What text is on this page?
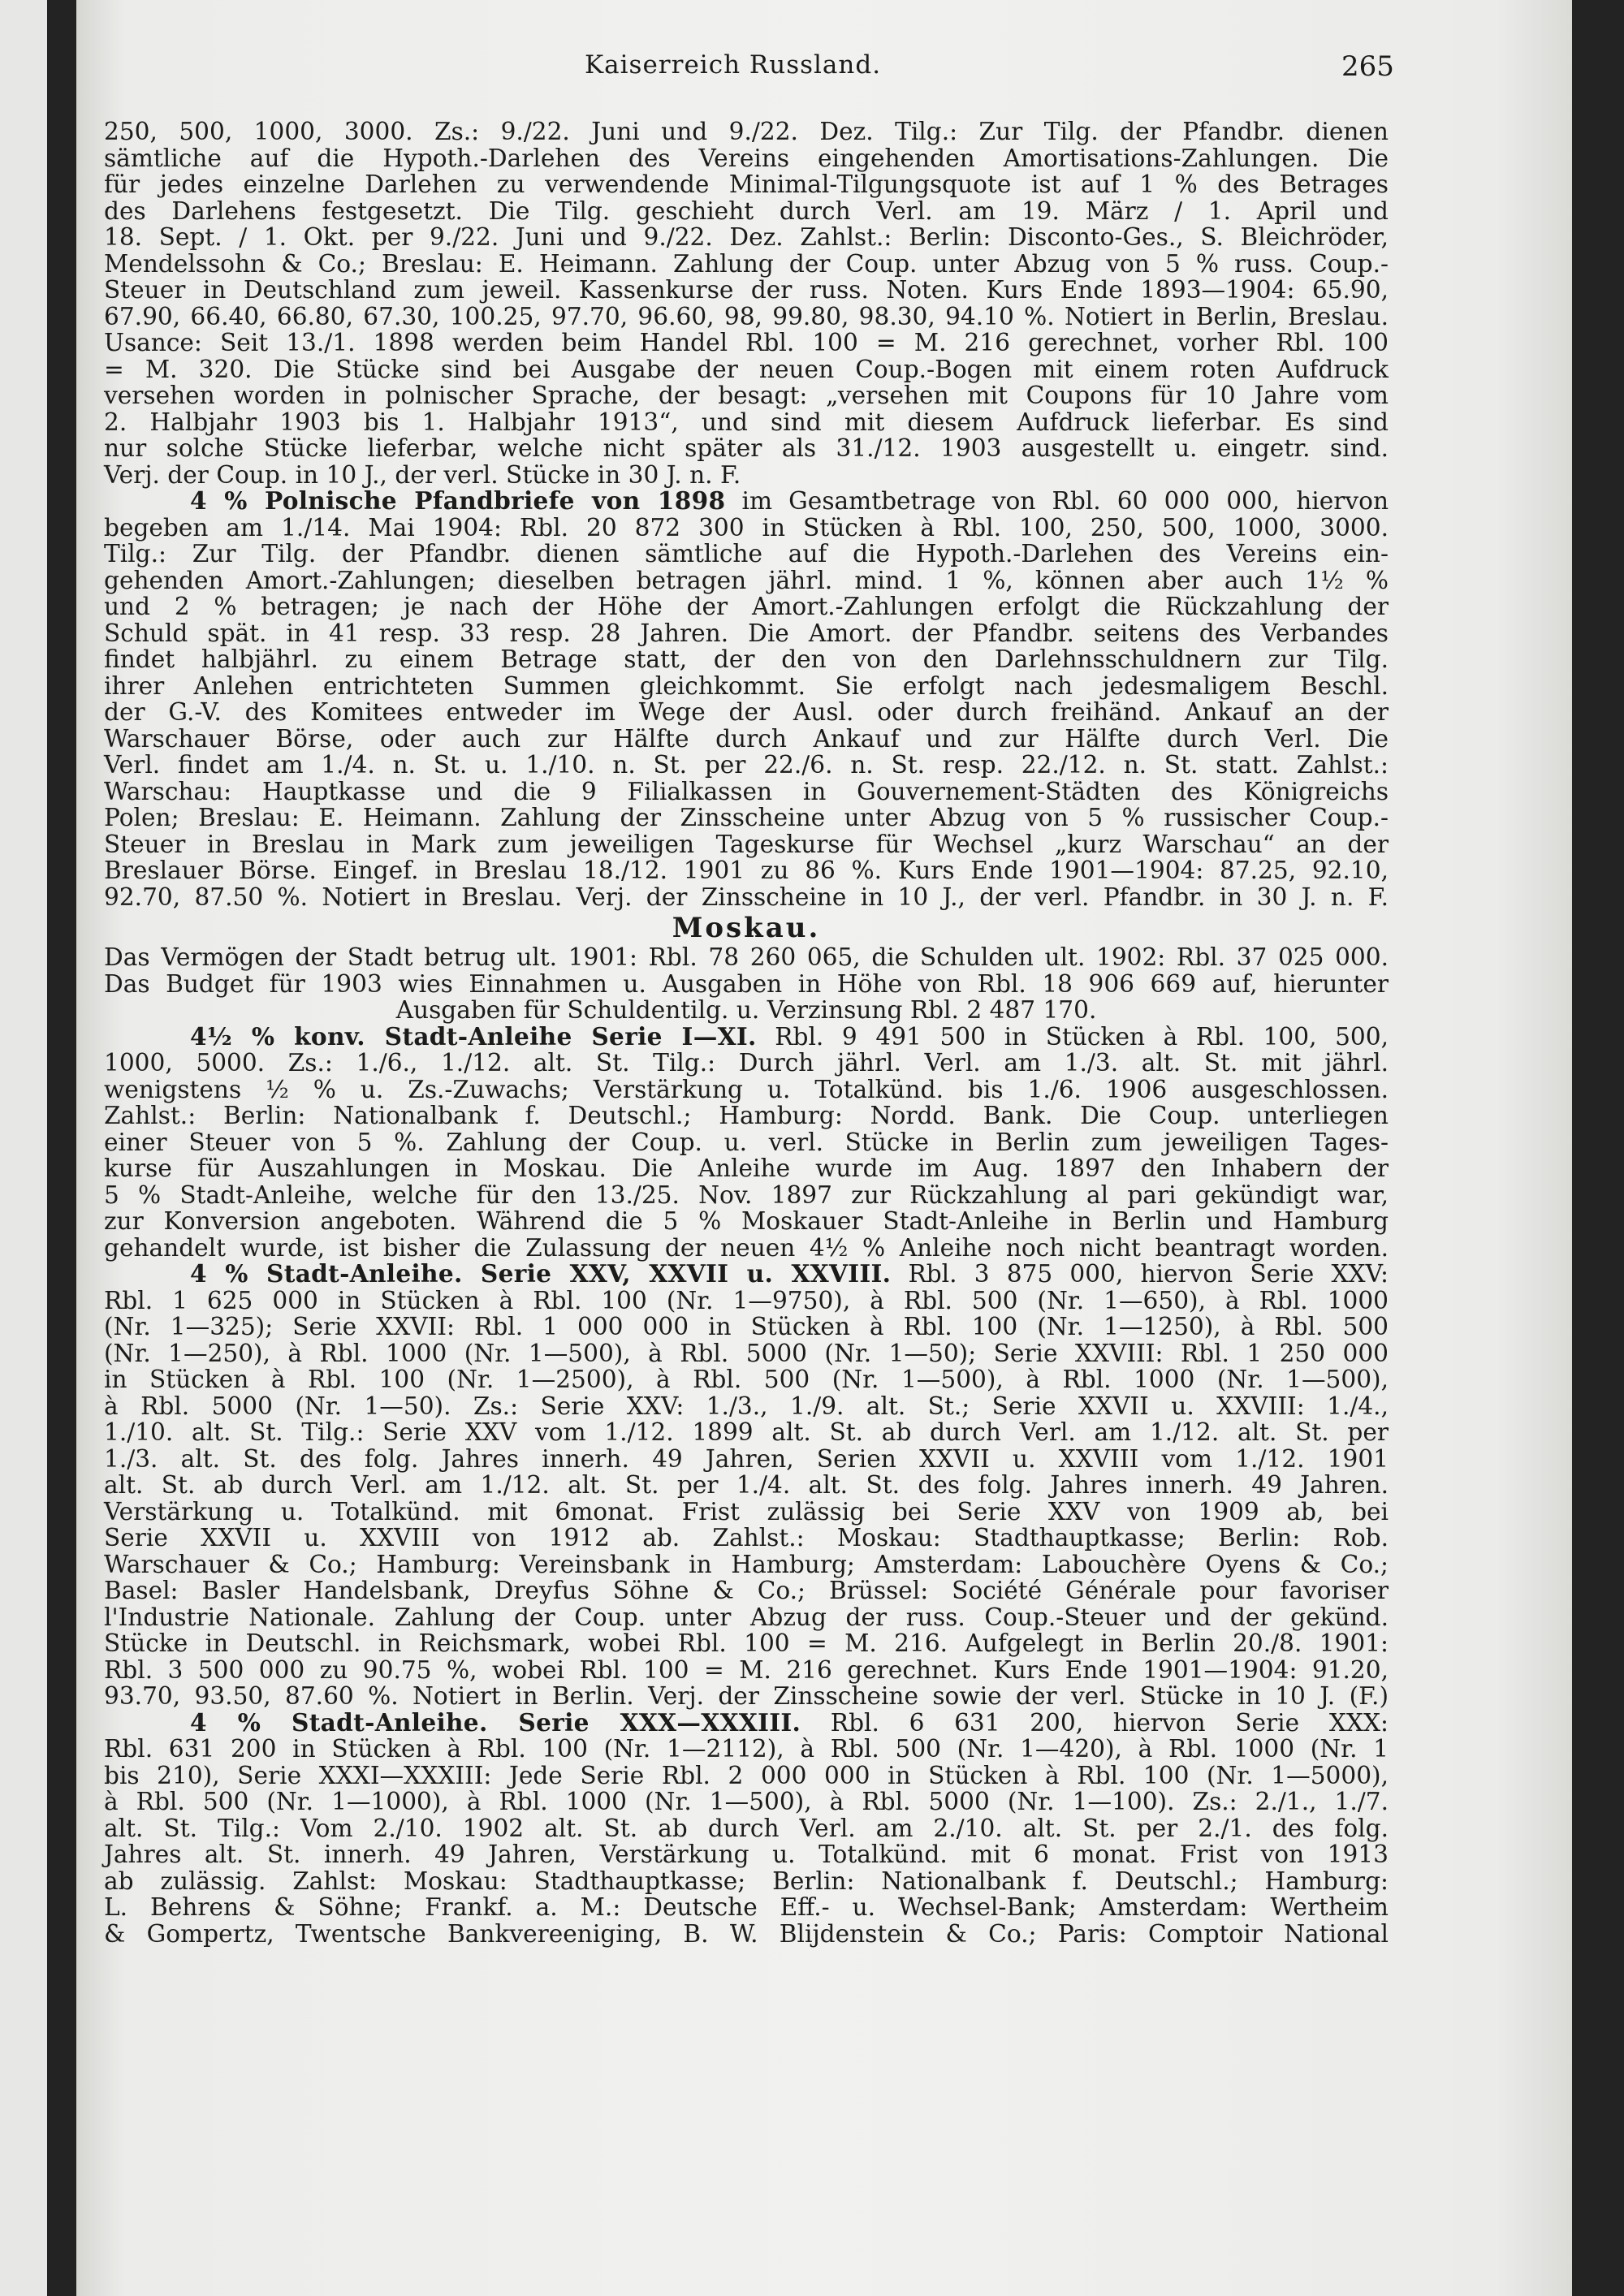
Kaiserreich Russland.	265

250, 500, 1000, 3000. Zs.: 9./22. Juni und 9./22. Dez. Tilg.: Zur Tilg. der Pfandbr. dienen

sämtliche auf die Hypoth.-Darlehen des Vereins eingehenden Amortisations-Zahlungen. Die

für jedes einzelne Darlehen zu verwendende Minimal-Tilgungsquote ist auf 1 % des Betrages

des Darlehens festgesetzt. Die Tilg. geschieht durch Verl. am 19. März / 1. April und

18. Sept. / 1. Okt. per 9./22. Juni und 9./22. Dez. Zahlst.: Berlin: Disconto-Ges., S. Bleichröder,

Mendelssohn & Co.; Breslau: E. Heimann. Zahlung der Coup. unter Abzug von 5 % russ. Coup.-

Steuer in Deutschland zum jeweil. Kassenkurse der russ. Noten. Kurs Ende 1893—1904: 65.90,

67.90, 66.40, 66.80, 67.30, 100.25, 97.70, 96.60, 98, 99.80, 98.30, 94.10 %. Notiert in Berlin, Breslau.

Usance: Seit 13./1. 1898 werden beim Handel Rbl. 100 = M. 216 gerechnet, vorher Rbl. 100

= M. 320. Die Stücke sind bei Ausgabe der neuen Coup.-Bogen mit einem roten Aufdruck

versehen worden in polnischer Sprache, der besagt: „versehen mit Coupons für 10 Jahre vom

2. Halbjahr 1903 bis 1. Halbjahr 1913“, und sind mit diesem Aufdruck lieferbar. Es sind

nur solche Stücke lieferbar, welche nicht später als 31./12. 1903 ausgestellt u. eingetr. sind.

Verj. der Coup. in 10 J., der verl. Stücke in 30 J. n. F.

4 % Polnische Pfandbriefe von 1898 im Gesamtbetrage von Rbl. 60 000 000, hiervon

begeben am 1./14. Mai 1904: Rbl. 20 872 300 in Stücken à Rbl. 100, 250, 500, 1000, 3000.

Tilg.: Zur Tilg. der Pfandbr. dienen sämtliche auf die Hypoth.-Darlehen des Vereins ein-

gehenden Amort.-Zahlungen; dieselben betragen jährl. mind. 1 %, können aber auch 1½ %

und 2 % betragen; je nach der Höhe der Amort.-Zahlungen erfolgt die Rückzahlung der

Schuld spät. in 41 resp. 33 resp. 28 Jahren. Die Amort. der Pfandbr. seitens des Verbandes

findet halbjährl. zu einem Betrage statt, der den von den Darlehnsschuldnern zur Tilg.

ihrer Anlehen entrichteten Summen gleichkommt. Sie erfolgt nach jedesmaligem Beschl.

der G.-V. des Komitees entweder im Wege der Ausl. oder durch freihänd. Ankauf an der

Warschauer Börse, oder auch zur Hälfte durch Ankauf und zur Hälfte durch Verl. Die

Verl. findet am 1./4. n. St. u. 1./10. n. St. per 22./6. n. St. resp. 22./12. n. St. statt. Zahlst.:

Warschau: Hauptkasse und die 9 Filialkassen in Gouvernement-Städten des Königreichs

Polen; Breslau: E. Heimann. Zahlung der Zinsscheine unter Abzug von 5 % russischer Coup.-

Steuer in Breslau in Mark zum jeweiligen Tageskurse für Wechsel „kurz Warschau“ an der

Breslauer Börse. Eingef. in Breslau 18./12. 1901 zu 86 %. Kurs Ende 1901—1904: 87.25, 92.10,

92.70, 87.50 %. Notiert in Breslau. Verj. der Zinsscheine in 10 J., der verl. Pfandbr. in 30 J. n. F.

Moskau.

Das Vermögen der Stadt betrug ult. 1901: Rbl. 78 260 065, die Schulden ult. 1902: Rbl. 37 025 000.

Das Budget für 1903 wies Einnahmen u. Ausgaben in Höhe von Rbl. 18 906 669 auf, hierunter

Ausgaben für Schuldentilg. u. Verzinsung Rbl. 2 487 170.

4½ % konv. Stadt-Anleihe Serie I—XI. Rbl. 9 491 500 in Stücken à Rbl. 100, 500,

1000, 5000. Zs.: 1./6., 1./12. alt. St. Tilg.: Durch jährl. Verl. am 1./3. alt. St. mit jährl.

wenigstens ½ % u. Zs.-Zuwachs; Verstärkung u. Totalkünd. bis 1./6. 1906 ausgeschlossen.

Zahlst.: Berlin: Nationalbank f. Deutschl.; Hamburg: Nordd. Bank. Die Coup. unterliegen

einer Steuer von 5 %. Zahlung der Coup. u. verl. Stücke in Berlin zum jeweiligen Tages-

kurse für Auszahlungen in Moskau. Die Anleihe wurde im Aug. 1897 den Inhabern der

5 % Stadt-Anleihe, welche für den 13./25. Nov. 1897 zur Rückzahlung al pari gekündigt war,

zur Konversion angeboten. Während die 5 % Moskauer Stadt-Anleihe in Berlin und Hamburg

gehandelt wurde, ist bisher die Zulassung der neuen 4½ % Anleihe noch nicht beantragt worden.

4 % Stadt-Anleihe. Serie XXV, XXVII u. XXVIII. Rbl. 3 875 000, hiervon Serie XXV:

Rbl. 1 625 000 in Stücken à Rbl. 100 (Nr. 1—9750), à Rbl. 500 (Nr. 1—650), à Rbl. 1000

(Nr. 1—325); Serie XXVII: Rbl. 1 000 000 in Stücken à Rbl. 100 (Nr. 1—1250), à Rbl. 500

(Nr. 1—250), à Rbl. 1000 (Nr. 1—500), à Rbl. 5000 (Nr. 1—50); Serie XXVIII: Rbl. 1 250 000

in Stücken à Rbl. 100 (Nr. 1—2500), à Rbl. 500 (Nr. 1—500), à Rbl. 1000 (Nr. 1—500),

à Rbl. 5000 (Nr. 1—50). Zs.: Serie XXV: 1./3., 1./9. alt. St.; Serie XXVII u. XXVIII: 1./4.,

1./10. alt. St. Tilg.: Serie XXV vom 1./12. 1899 alt. St. ab durch Verl. am 1./12. alt. St. per

1./3. alt. St. des folg. Jahres innerh. 49 Jahren, Serien XXVII u. XXVIII vom 1./12. 1901

alt. St. ab durch Verl. am 1./12. alt. St. per 1./4. alt. St. des folg. Jahres innerh. 49 Jahren.

Verstärkung u. Totalkünd. mit 6monat. Frist zulässig bei Serie XXV von 1909 ab, bei

Serie XXVII u. XXVIII von 1912 ab. Zahlst.: Moskau: Stadthauptkasse; Berlin: Rob.

Warschauer & Co.; Hamburg: Vereinsbank in Hamburg; Amsterdam: Labouchère Oyens & Co.;

Basel: Basler Handelsbank, Dreyfus Söhne & Co.; Brüssel: Société Générale pour favoriser

l'Industrie Nationale. Zahlung der Coup. unter Abzug der russ. Coup.-Steuer und der gekünd.

Stücke in Deutschl. in Reichsmark, wobei Rbl. 100 = M. 216. Aufgelegt in Berlin 20./8. 1901:

Rbl. 3 500 000 zu 90.75 %, wobei Rbl. 100 = M. 216 gerechnet. Kurs Ende 1901—1904: 91.20,

93.70, 93.50, 87.60 %. Notiert in Berlin. Verj. der Zinsscheine sowie der verl. Stücke in 10 J. (F.)

4 % Stadt-Anleihe. Serie XXX—XXXIII. Rbl. 6 631 200, hiervon Serie XXX:

Rbl. 631 200 in Stücken à Rbl. 100 (Nr. 1—2112), à Rbl. 500 (Nr. 1—420), à Rbl. 1000 (Nr. 1

bis 210), Serie XXXI—XXXIII: Jede Serie Rbl. 2 000 000 in Stücken à Rbl. 100 (Nr. 1—5000),

à Rbl. 500 (Nr. 1—1000), à Rbl. 1000 (Nr. 1—500), à Rbl. 5000 (Nr. 1—100). Zs.: 2./1., 1./7.

alt. St. Tilg.: Vom 2./10. 1902 alt. St. ab durch Verl. am 2./10. alt. St. per 2./1. des folg.

Jahres alt. St. innerh. 49 Jahren, Verstärkung u. Totalkünd. mit 6 monat. Frist von 1913

ab zulässig. Zahlst: Moskau: Stadthauptkasse; Berlin: Nationalbank f. Deutschl.; Hamburg:

L. Behrens & Söhne; Frankf. a. M.: Deutsche Eff.- u. Wechsel-Bank; Amsterdam: Wertheim

& Gompertz, Twentsche Bankvereeniging, B. W. Blijdenstein & Co.; Paris: Comptoir National
